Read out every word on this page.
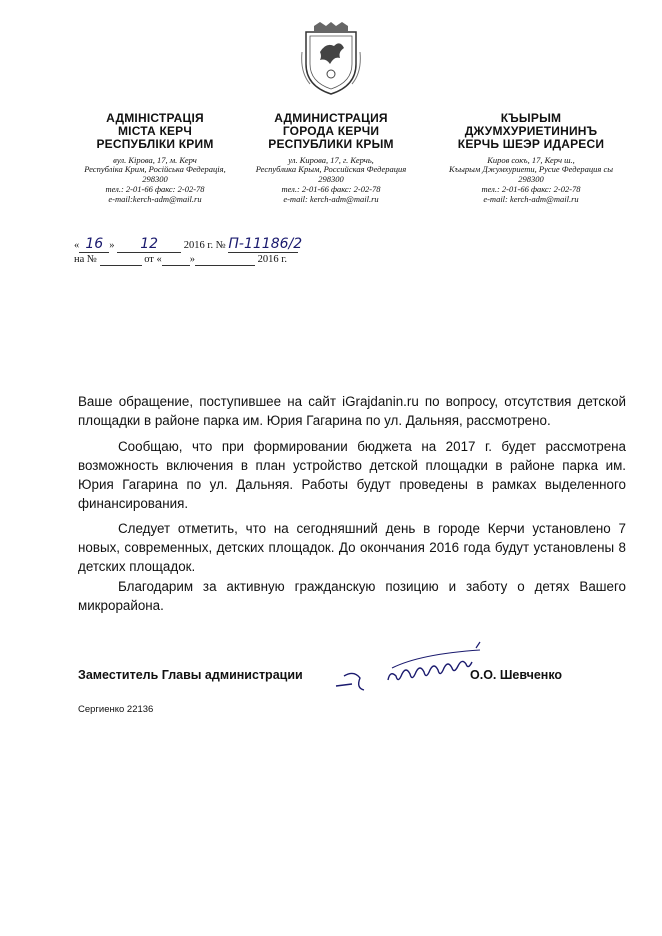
АДМІНІСТРАЦІЯ
МІСТА КЕРЧ
РЕСПУБЛІКИ КРИМ
вул. Кірова, 17, м. Керч
Республіка Крим, Російська Федерація,
298300
тел.: 2-01-66 факс: 2-02-78
e-mail:kerch-adm@mail.ru
АДМИНИСТРАЦИЯ
ГОРОДА КЕРЧИ
РЕСПУБЛИКИ КРЫМ
ул. Кирова, 17, г. Керчь,
Республика Крым, Российская Федерация
298300
тел.: 2-01-66 факс: 2-02-78
e-mail: kerch-adm@mail.ru
КЪЫРЫМ
ДЖУМХУРИЕТИНИНЪ
КЕРЧЬ ШЕЭР ИДАРЕСИ
Киров сокъ, 17, Керч ш.,
Къырым Джумхуриети, Русие Федерация сы
298300
тел.: 2-01-66 факс: 2-02-78
e-mail: kerch-adm@mail.ru
« 16 » 12 2016 г. № П-11186/2
на №	от «	»	2016 г.

Ваше обращение, поступившее на сайт iGrajdanin.ru по вопросу, отсутствия детской площадки в районе парка им. Юрия Гагарина по ул. Дальняя, рассмотрено.

Сообщаю, что при формировании бюджета на 2017 г. будет рассмотрена возможность включения в план устройство детской площадки в районе парка им. Юрия Гагарина по ул. Дальняя. Работы будут проведены в рамках выделенного финансирования.

Следует отметить, что на сегодняшний день в городе Керчи установлено 7 новых, современных, детских площадок. До окончания 2016 года будут установлены 8 детских площадок.

Благодарим за активную гражданскую позицию и заботу о детях Вашего микрорайона.

Заместитель Главы администрации	О.О. Шевченко
Сергиенко 22136
